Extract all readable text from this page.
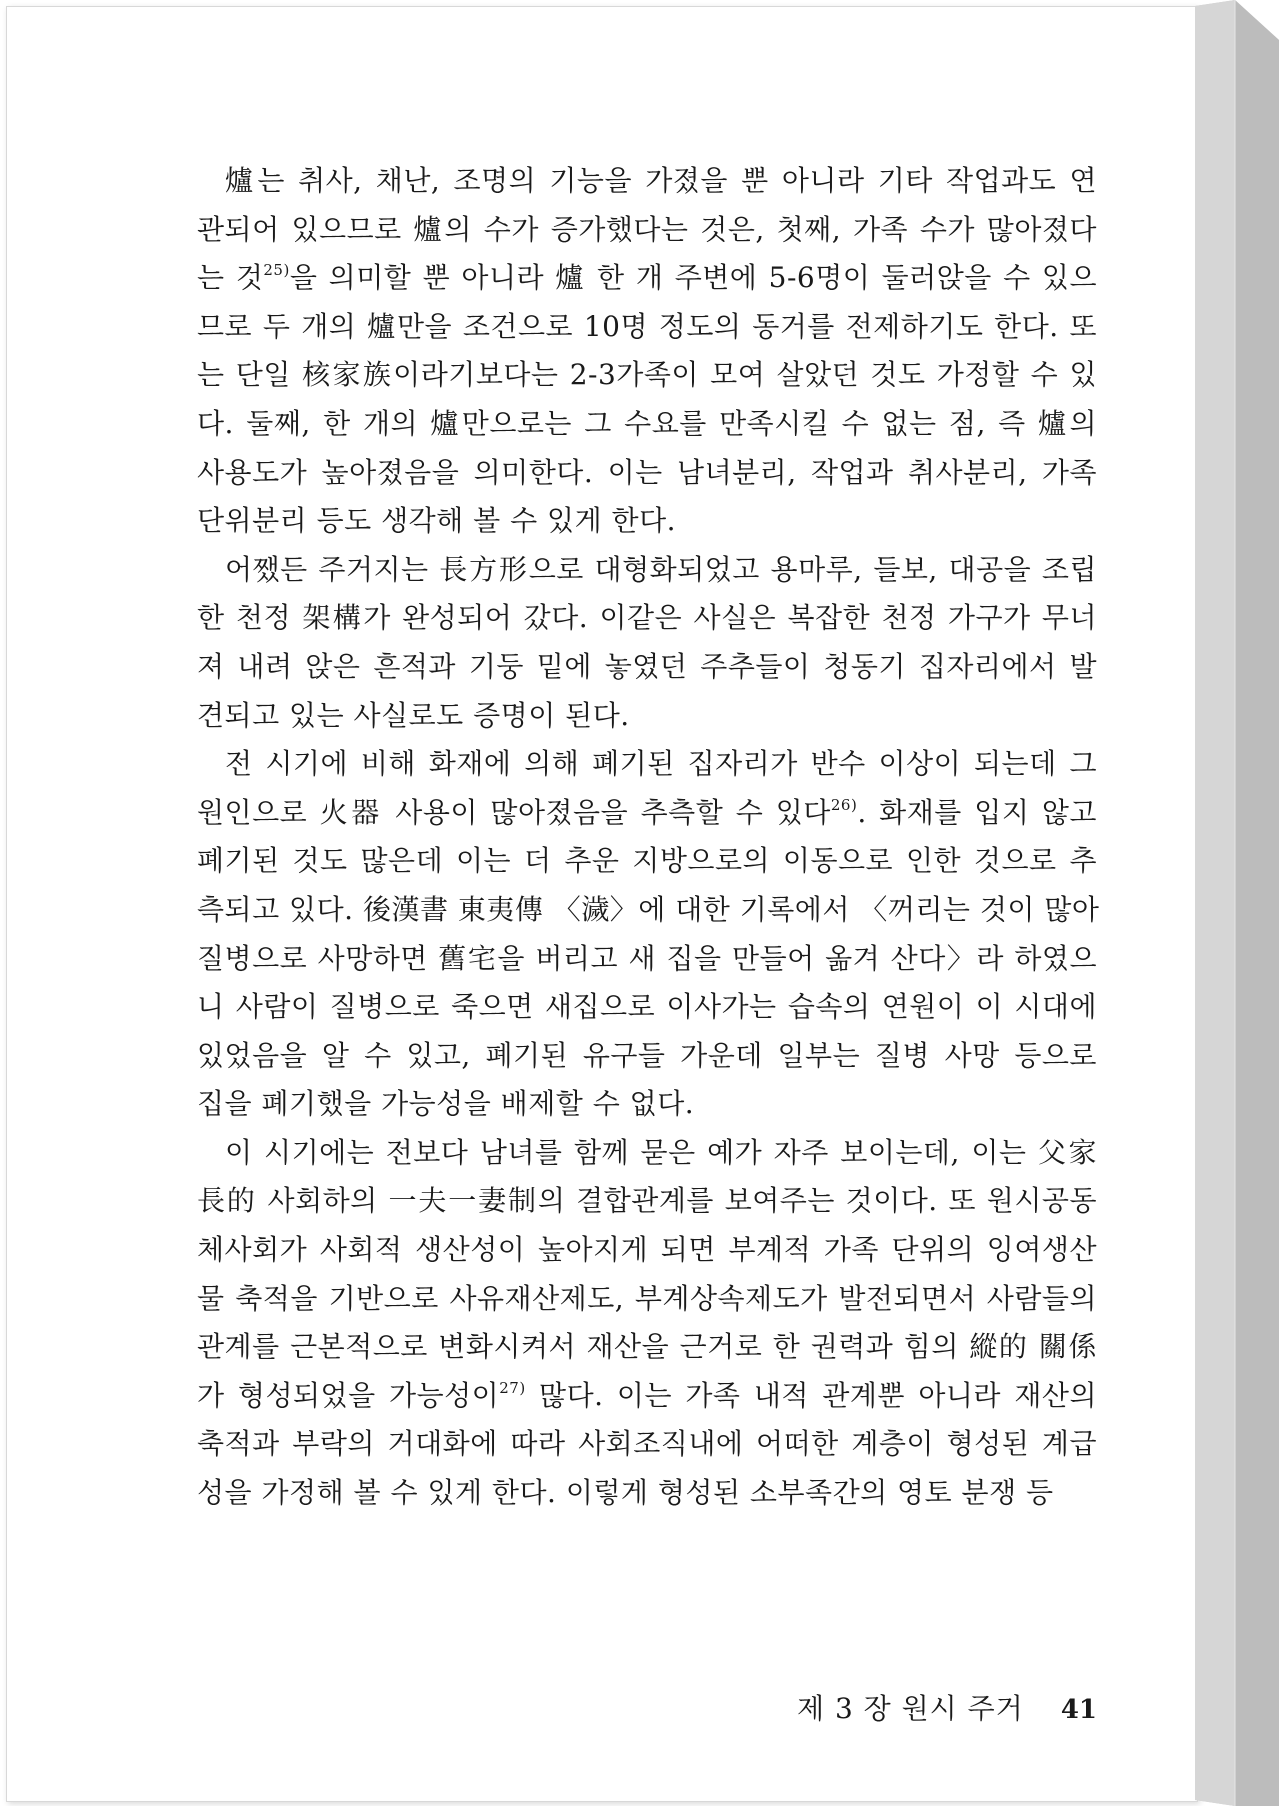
爐는 취사, 채난, 조명의 기능을 가졌을 뿐 아니라 기타 작업과도 연
관되어 있으므로 爐의 수가 증가했다는 것은, 첫째, 가족 수가 많아졌다
는 것$^{25)}$을 의미할 뿐 아니라 爐 한 개 주변에 5-6명이 둘러앉을 수 있으
므로 두 개의 爐만을 조건으로 10명 정도의 동거를 전제하기도 한다. 또
는 단일 核家族이라기보다는 2-3가족이 모여 살았던 것도 가정할 수 있
다. 둘째, 한 개의 爐만으로는 그 수요를 만족시킬 수 없는 점, 즉 爐의
사용도가 높아졌음을 의미한다. 이는 남녀분리, 작업과 취사분리, 가족
단위분리 등도 생각해 볼 수 있게 한다.
어쨌든 주거지는 長方形으로 대형화되었고 용마루, 들보, 대공을 조립
한 천정 架構가 완성되어 갔다. 이같은 사실은 복잡한 천정 가구가 무너
져 내려 앉은 흔적과 기둥 밑에 놓였던 주추들이 청동기 집자리에서 발
견되고 있는 사실로도 증명이 된다.
전 시기에 비해 화재에 의해 폐기된 집자리가 반수 이상이 되는데 그
원인으로 火器 사용이 많아졌음을 추측할 수 있다$^{26)}$. 화재를 입지 않고
폐기된 것도 많은데 이는 더 추운 지방으로의 이동으로 인한 것으로 추
측되고 있다. 後漢書 東夷傳 〈濊〉에 대한 기록에서 〈꺼리는 것이 많아
질병으로 사망하면 舊宅을 버리고 새 집을 만들어 옮겨 산다〉라 하였으
니 사람이 질병으로 죽으면 새집으로 이사가는 습속의 연원이 이 시대에
있었음을 알 수 있고, 폐기된 유구들 가운데 일부는 질병 사망 등으로
집을 폐기했을 가능성을 배제할 수 없다.
이 시기에는 전보다 남녀를 함께 묻은 예가 자주 보이는데, 이는 父家
長的 사회하의 一夫一妻制의 결합관계를 보여주는 것이다. 또 원시공동
체사회가 사회적 생산성이 높아지게 되면 부계적 가족 단위의 잉여생산
물 축적을 기반으로 사유재산제도, 부계상속제도가 발전되면서 사람들의
관계를 근본적으로 변화시켜서 재산을 근거로 한 권력과 힘의 縱的 關係
가 형성되었을 가능성이$^{27)}$ 많다. 이는 가족 내적 관계뿐 아니라 재산의
축적과 부락의 거대화에 따라 사회조직내에 어떠한 계층이 형성된 계급
성을 가정해 볼 수 있게 한다. 이렇게 형성된 소부족간의 영토 분쟁 등
제 3 장 원시 주거 41
